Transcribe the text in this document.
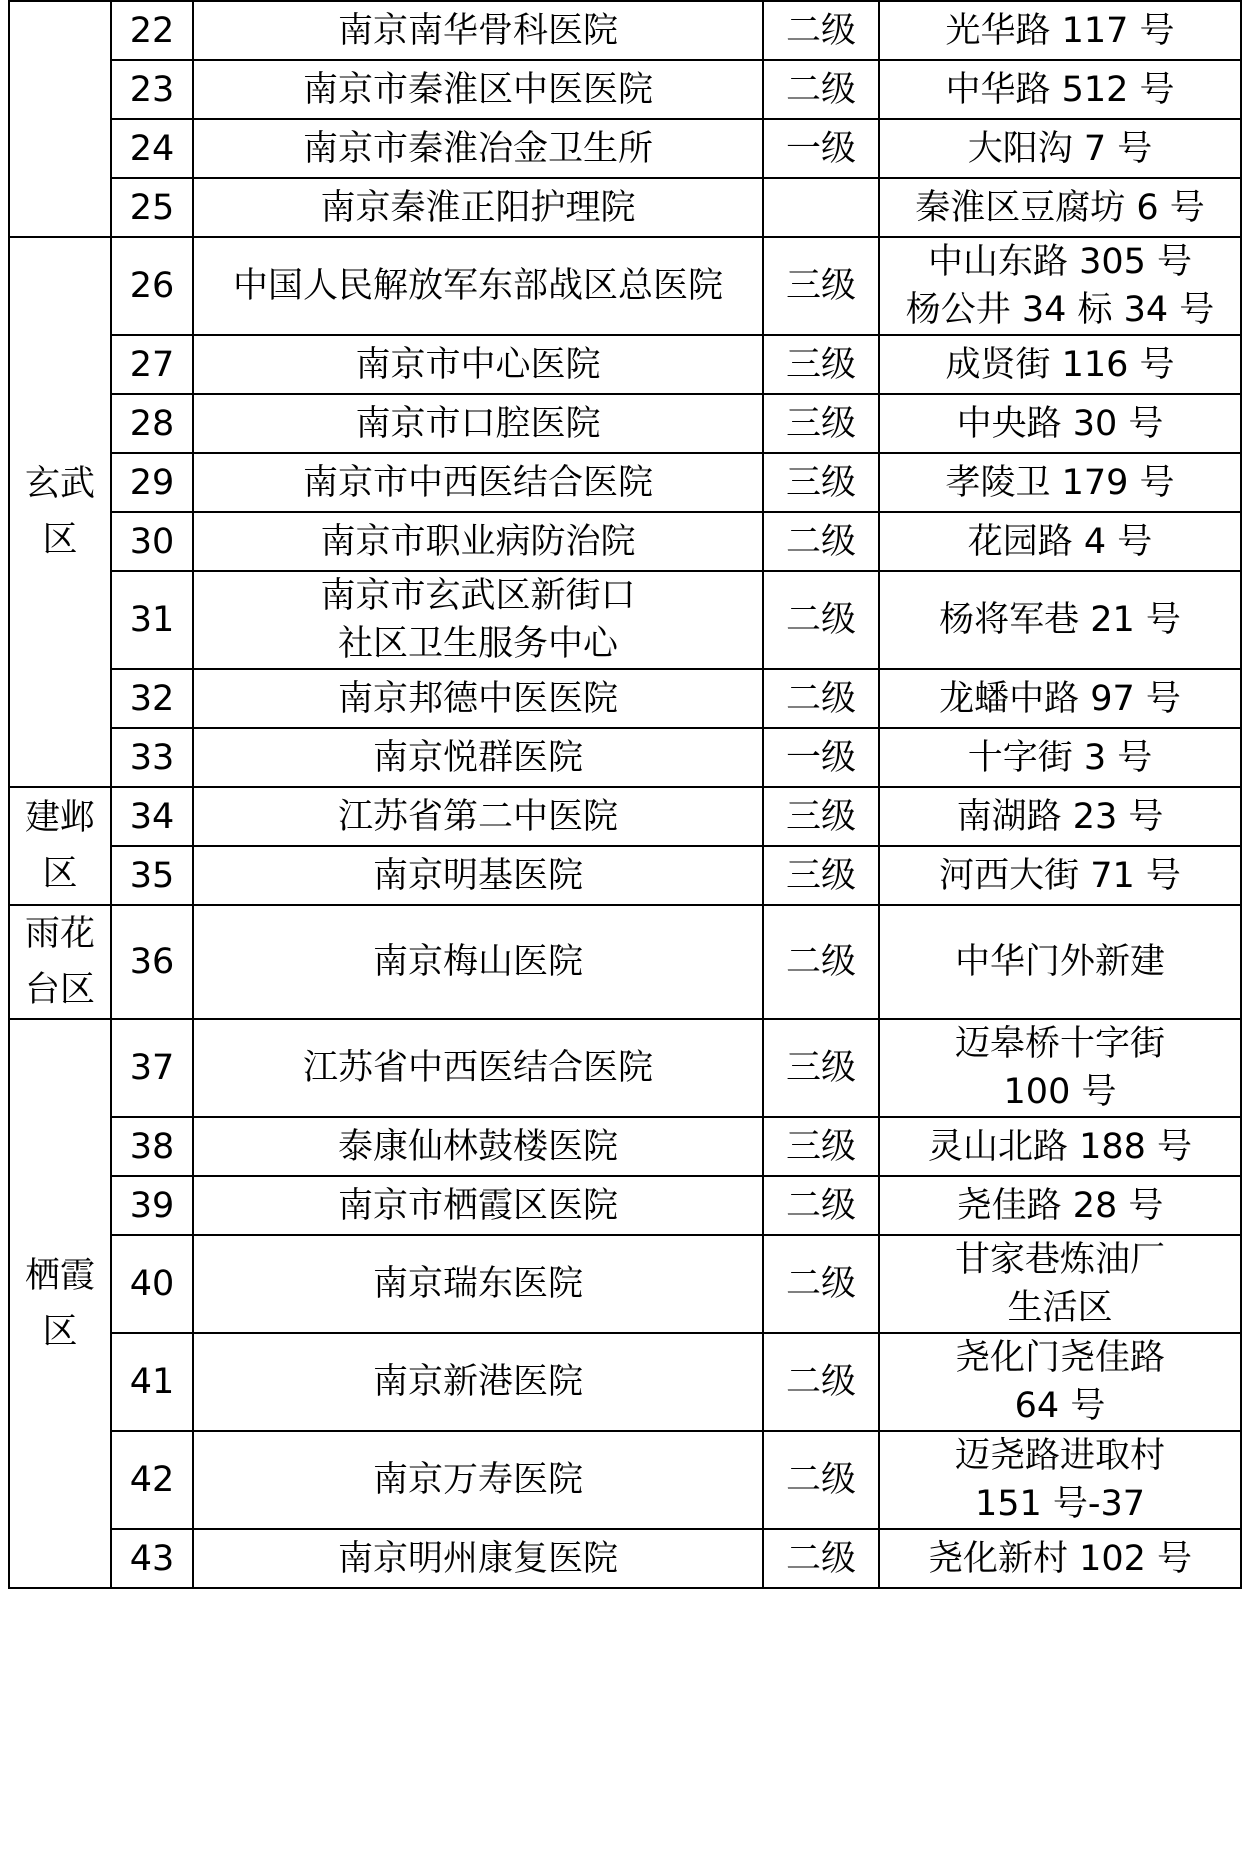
	22	南京南华骨科医院	二级	光华路 117 号

	23	南京市秦淮区中医医院	二级	中华路 512 号

	24	南京市秦淮冶金卫生所	一级	大阳沟 7 号

	25	南京秦淮正阳护理院		秦淮区豆腐坊 6 号

玄武区	26	中国人民解放军东部战区总医院	三级	中山东路 305 号
杨公井 34 标 34 号

	27	南京市中心医院	三级	成贤街 116 号

	28	南京市口腔医院	三级	中央路 30 号

	29	南京市中西医结合医院	三级	孝陵卫 179 号

	30	南京市职业病防治院	二级	花园路 4 号

	31	南京市玄武区新街口
社区卫生服务中心	二级	杨将军巷 21 号

	32	南京邦德中医医院	二级	龙蟠中路 97 号

	33	南京悦群医院	一级	十字街 3 号

建邺区	34	江苏省第二中医院	三级	南湖路 23 号

	35	南京明基医院	三级	河西大街 71 号

雨花台区	36	南京梅山医院	二级	中华门外新建

栖霞区	37	江苏省中西医结合医院	三级	迈皋桥十字街
100 号

	38	泰康仙林鼓楼医院	三级	灵山北路 188 号

	39	南京市栖霞区医院	二级	尧佳路 28 号

	40	南京瑞东医院	二级	甘家巷炼油厂
生活区

	41	南京新港医院	二级	尧化门尧佳路
64 号

	42	南京万寿医院	二级	迈尧路进取村
151 号-37

	43	南京明州康复医院	二级	尧化新村 102 号
